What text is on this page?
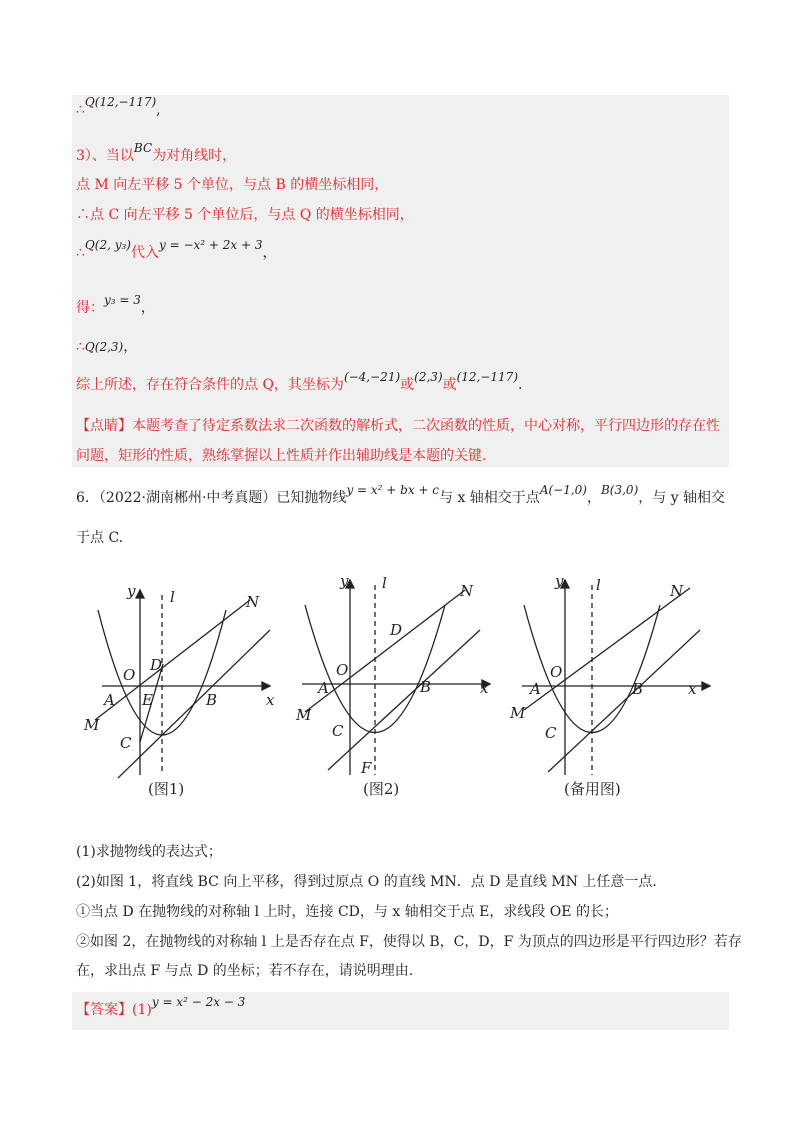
∴Q(12,−117),
3）、当以BC为对角线时，
点 M 向左平移 5 个单位，与点 B 的横坐标相同，
∴点 C 向左平移 5 个单位后，与点 Q 的横坐标相同，
∴Q(2, y₃)代入y = −x² + 2x + 3，
得：y₃ = 3，
∴Q(2,3)，
综上所述，存在符合条件的点 Q，其坐标为(−4,−21)或(2,3)或(12,−117).
【点睛】本题考查了待定系数法求二次函数的解析式，二次函数的性质，中心对称，平行四边形的存在性
问题，矩形的性质，熟练掌握以上性质并作出辅助线是本题的关键.
6．（2022·湖南郴州·中考真题）已知抛物线y = x² + bx + c与 x 轴相交于点A(−1,0)，B(3,0)，与 y 轴相交
于点 C.
y l	N
O
D
A E	B	x
M
C
y l	N
D
O
A	B	x
M
C
F
y l	N
O
A	B	x
M
C
(图1)	(图2)	(备用图)
(1)求抛物线的表达式；
(2)如图 1，将直线 BC 向上平移，得到过原点 O 的直线 MN．点 D 是直线 MN 上任意一点．
①当点 D 在抛物线的对称轴 l 上时，连接 CD，与 x 轴相交于点 E，求线段 OE 的长；
②如图 2，在抛物线的对称轴 l 上是否存在点 F，使得以 B，C，D，F 为顶点的四边形是平行四边形？若存
在，求出点 F 与点 D 的坐标；若不存在，请说明理由.
【答案】(1)y = x² − 2x − 3
